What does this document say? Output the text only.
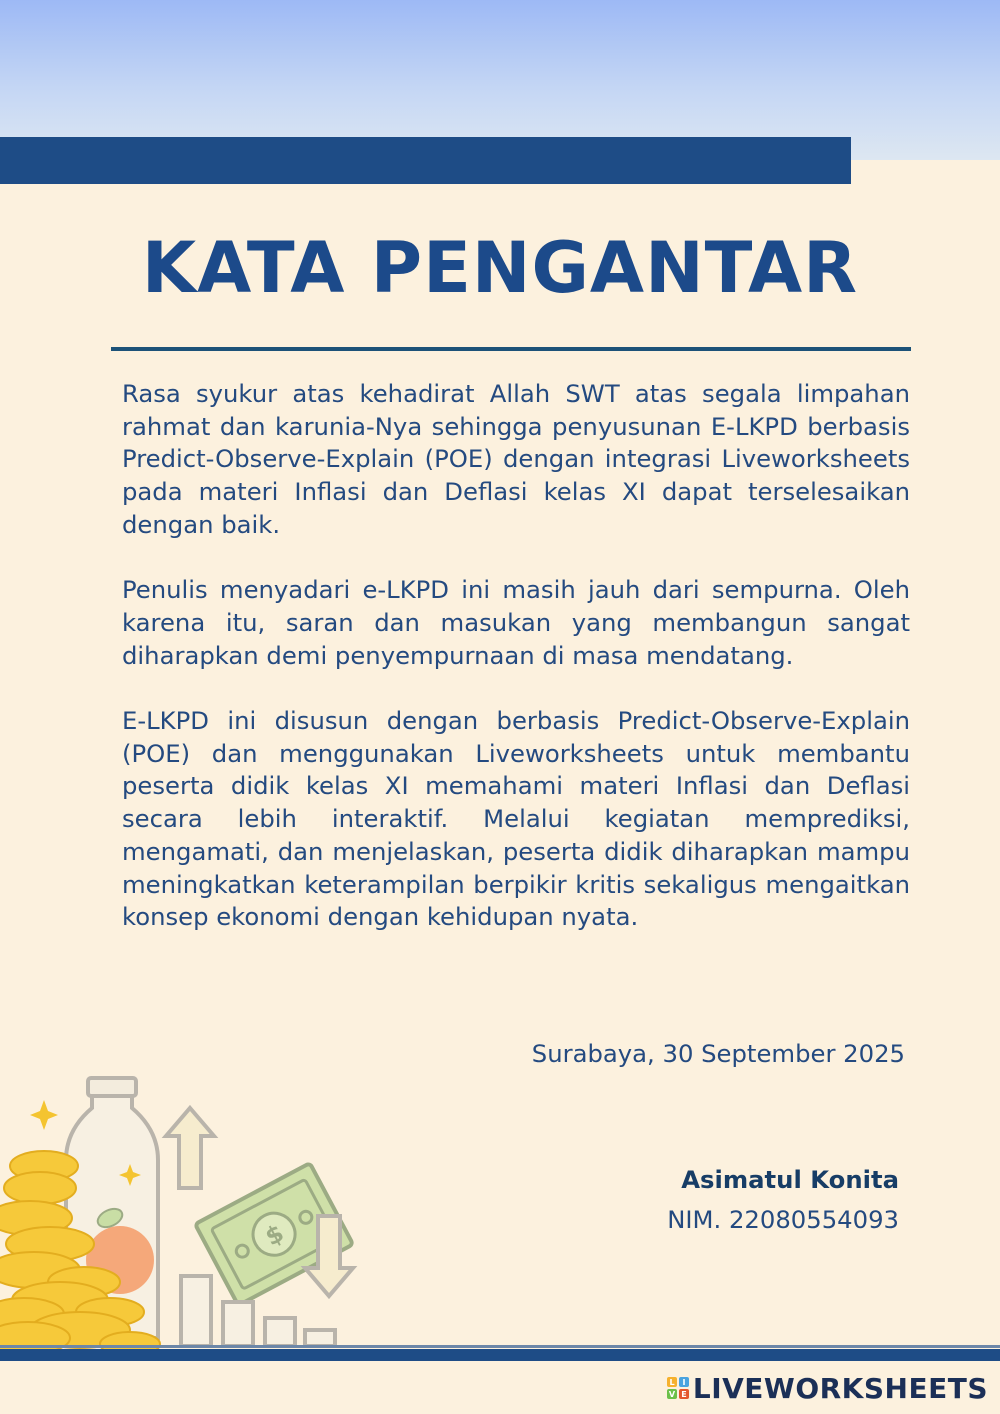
KATA PENGANTAR

Rasa syukur atas kehadirat Allah SWT atas segala limpahan rahmat dan karunia-Nya sehingga penyusunan E-LKPD berbasis Predict-Observe-Explain (POE) dengan integrasi Liveworksheets pada materi Inflasi dan Deflasi kelas XI dapat terselesaikan dengan baik.

Penulis menyadari e-LKPD ini masih jauh dari sempurna. Oleh karena itu, saran dan masukan yang membangun sangat diharapkan demi penyempurnaan di masa mendatang.

E-LKPD ini disusun dengan berbasis Predict-Observe-Explain (POE) dan menggunakan Liveworksheets untuk membantu peserta didik kelas XI memahami materi Inflasi dan Deflasi secara lebih interaktif. Melalui kegiatan memprediksi, mengamati, dan menjelaskan, peserta didik diharapkan mampu meningkatkan keterampilan berpikir kritis sekaligus mengaitkan konsep ekonomi dengan kehidupan nyata.

Surabaya, 30 September 2025
Asimatul Konita
NIM. 22080554093
$
L I
V E LIVEWORKSHEETS
